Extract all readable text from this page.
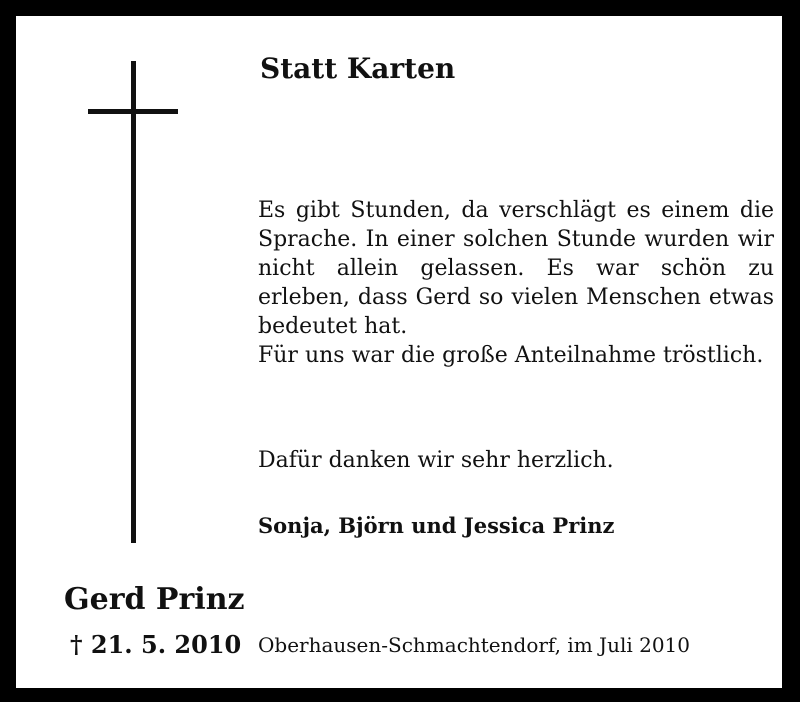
Statt Karten

Es gibt Stunden, da verschlägt es einem die Sprache. In einer solchen Stunde wurden wir nicht allein gelassen. Es war schön zu erleben, dass Gerd so vielen Menschen etwas bedeutet hat.

Für uns war die große Anteilnahme tröstlich.

Dafür danken wir sehr herzlich.

Sonja, Björn und Jessica Prinz

Gerd Prinz

† 21. 5. 2010 Oberhausen-Schmachtendorf, im Juli 2010
